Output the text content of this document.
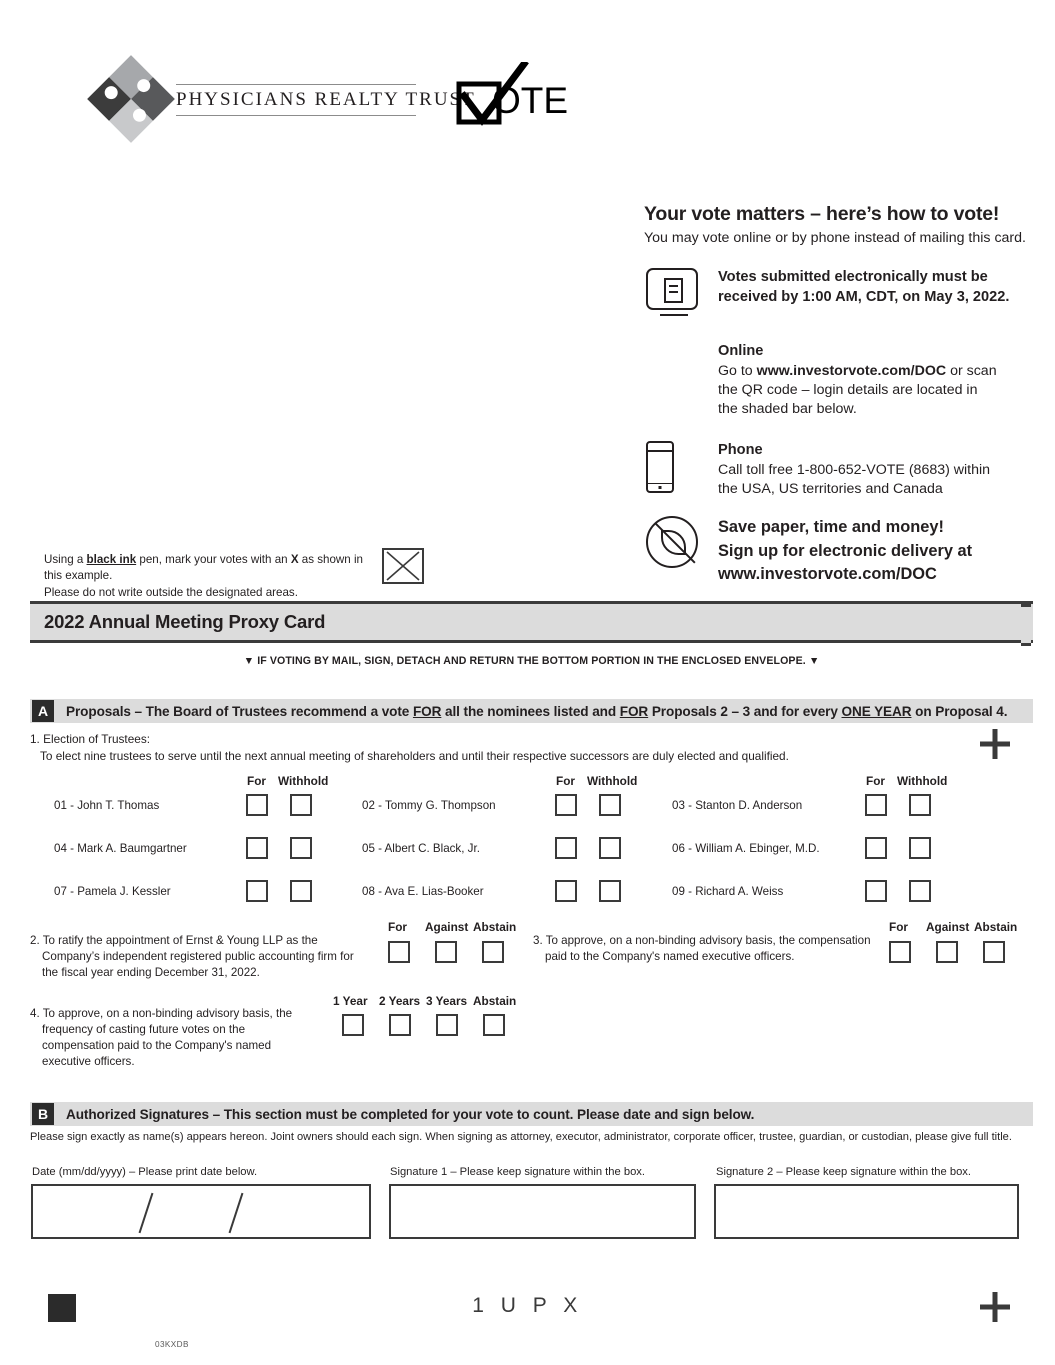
PHYSICIANS REALTY TRUST OTE
Your vote matters – here’s how to vote!

You may vote online or by phone instead of mailing this card.

Votes submitted electronically must be
received by 1:00 AM, CDT, on May 3, 2022.
Online
Go to www.investorvote.com/DOC or scan
the QR code – login details are located in
the shaded bar below.
Phone
Call toll free 1-800-652-VOTE (8683) within
the USA, US territories and Canada
Save paper, time and money!
Sign up for electronic delivery at
www.investorvote.com/DOC
Using a black ink pen, mark your votes with an X as shown in this example.
Please do not write outside the designated areas.
2022 Annual Meeting Proxy Card
▼ IF VOTING BY MAIL, SIGN, DETACH AND RETURN THE BOTTOM PORTION IN THE ENCLOSED ENVELOPE. ▼
A	Proposals – The Board of Trustees recommend a vote FOR all the nominees listed and FOR Proposals 2 – 3 and for every ONE YEAR on Proposal 4.
1. Election of Trustees:
To elect nine trustees to serve until the next annual meeting of shareholders and until their respective successors are duly elected and qualified.
For Withhold	For Withhold	For Withhold
01 - John T. Thomas	02 - Tommy G. Thompson	03 - Stanton D. Anderson
04 - Mark A. Baumgartner	05 - Albert C. Black, Jr.	06 - William A. Ebinger, M.D.
07 - Pamela J. Kessler	08 - Ava E. Lias-Booker	09 - Richard A. Weiss
2. To ratify the appointment of Ernst & Young LLP as the
Company’s independent registered public accounting firm for
the fiscal year ending December 31, 2022.
For Against Abstain
3. To approve, on a non-binding advisory basis, the compensation
paid to the Company's named executive officers.
For Against Abstain
4. To approve, on a non-binding advisory basis, the
frequency of casting future votes on the
compensation paid to the Company's named
executive officers.
1 Year 2 Years 3 Years Abstain
B	Authorized Signatures – This section must be completed for your vote to count. Please date and sign below.
Please sign exactly as name(s) appears hereon. Joint owners should each sign. When signing as attorney, executor, administrator, corporate officer, trustee, guardian, or custodian, please give full title.
Date (mm/dd/yyyy) – Please print date below.	Signature 1 – Please keep signature within the box.	Signature 2 – Please keep signature within the box.
1 U P X
03KXDB
